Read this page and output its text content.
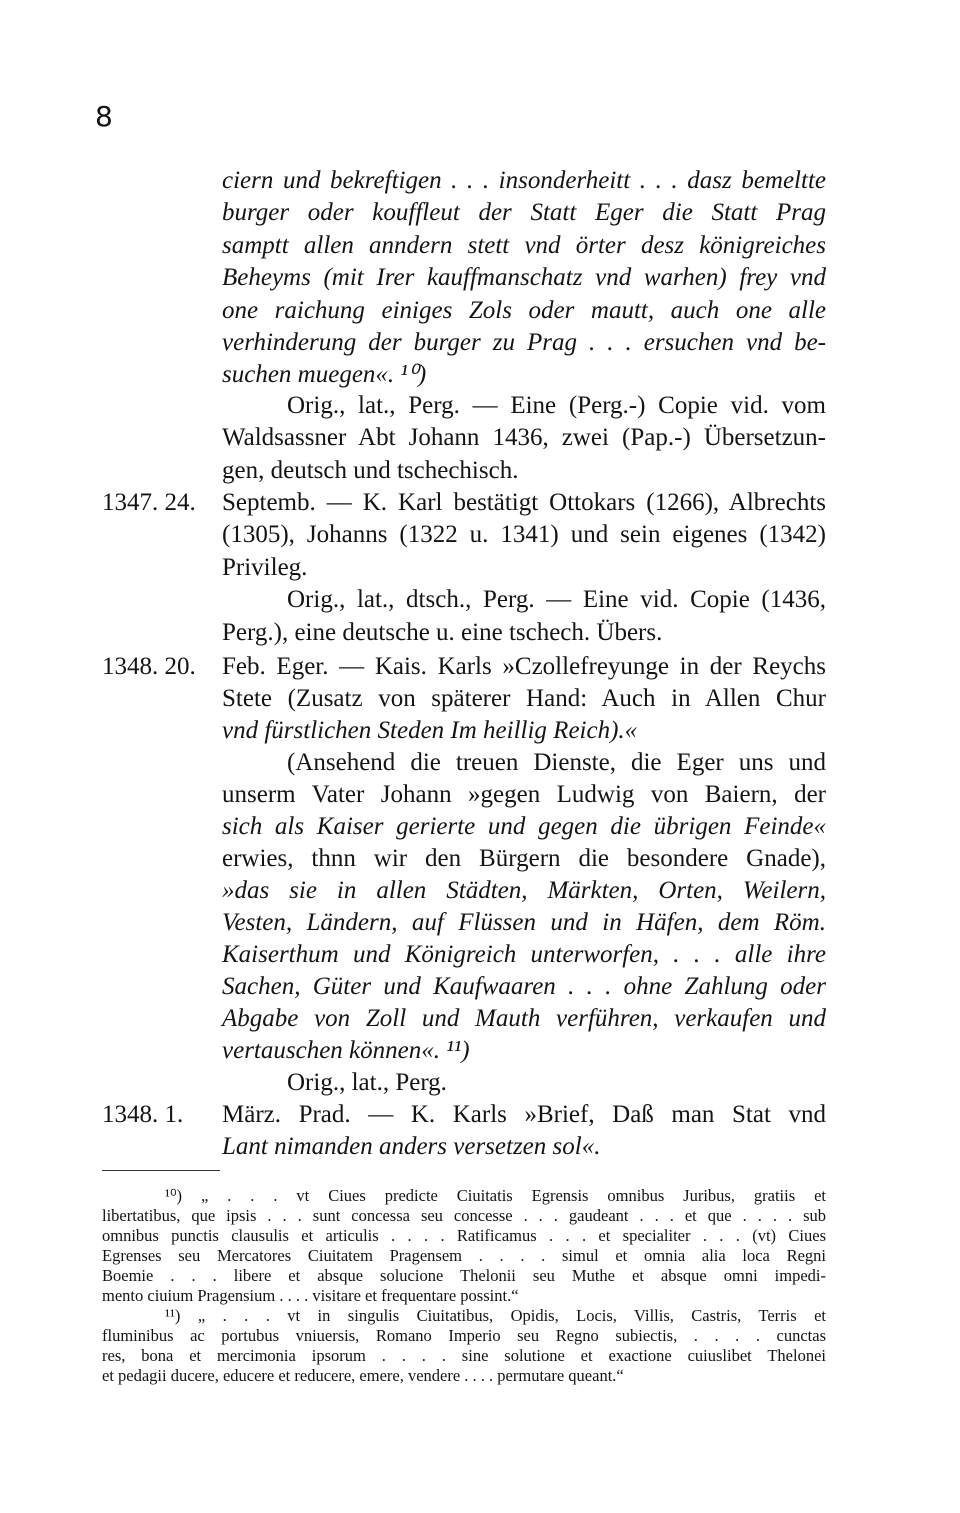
8
ciern und bekreftigen . . . insonderheitt . . . dasz bemeltte
burger oder kouffleut der Statt Eger die Statt Prag
samptt allen anndern stett vnd örter desz königreiches
Beheyms (mit Irer kauffmanschatz vnd warhen) frey vnd
one raichung einiges Zols oder mautt, auch one alle
verhinderung der burger zu Prag . . . ersuchen vnd be-
suchen muegen«. ¹⁰)
Orig., lat., Perg. — Eine (Perg.-) Copie vid. vom
Waldsassner Abt Johann 1436, zwei (Pap.-) Übersetzun-
gen, deutsch und tschechisch.
Septemb. — K. Karl bestätigt Ottokars (1266), Albrechts
(1305), Johanns (1322 u. 1341) und sein eigenes (1342)
Privileg.
Orig., lat., dtsch., Perg. — Eine vid. Copie (1436,
Perg.), eine deutsche u. eine tschech. Übers.
Feb. Eger. — Kais. Karls »Czollefreyunge in der Reychs
Stete (Zusatz von späterer Hand: Auch in Allen Chur
vnd fürstlichen Steden Im heillig Reich).«
(Ansehend die treuen Dienste, die Eger uns und
unserm Vater Johann »gegen Ludwig von Baiern, der
sich als Kaiser gerierte und gegen die übrigen Feinde«
erwies, thnn wir den Bürgern die besondere Gnade),
»das sie in allen Städten, Märkten, Orten, Weilern,
Vesten, Ländern, auf Flüssen und in Häfen, dem Röm.
Kaiserthum und Königreich unterworfen, . . . alle ihre
Sachen, Güter und Kaufwaaren . . . ohne Zahlung oder
Abgabe von Zoll und Mauth verführen, verkaufen und
vertauschen können«. ¹¹)
Orig., lat., Perg.
März. Prad. — K. Karls »Brief, Daß man Stat vnd
Lant nimanden anders versetzen sol«.
1347. 24.
1348. 20.
1348. 1.
¹⁰) „ . . . vt Ciues predicte Ciuitatis Egrensis omnibus Juribus, gratiis et
libertatibus, que ipsis . . . sunt concessa seu concesse . . . gaudeant . . . et que . . . . sub
omnibus punctis clausulis et articulis . . . . Ratificamus . . . et specialiter . . . (vt) Ciues
Egrenses seu Mercatores Ciuitatem Pragensem . . . . simul et omnia alia loca Regni
Boemie . . . libere et absque solucione Thelonii seu Muthe et absque omni impedi-
mento ciuium Pragensium . . . . visitare et frequentare possint.“
¹¹) „ . . . vt in singulis Ciuitatibus, Opidis, Locis, Villis, Castris, Terris et
fluminibus ac portubus vniuersis, Romano Imperio seu Regno subiectis, . . . . cunctas
res, bona et mercimonia ipsorum . . . . sine solutione et exactione cuiuslibet Thelonei
et pedagii ducere, educere et reducere, emere, vendere . . . . permutare queant.“
